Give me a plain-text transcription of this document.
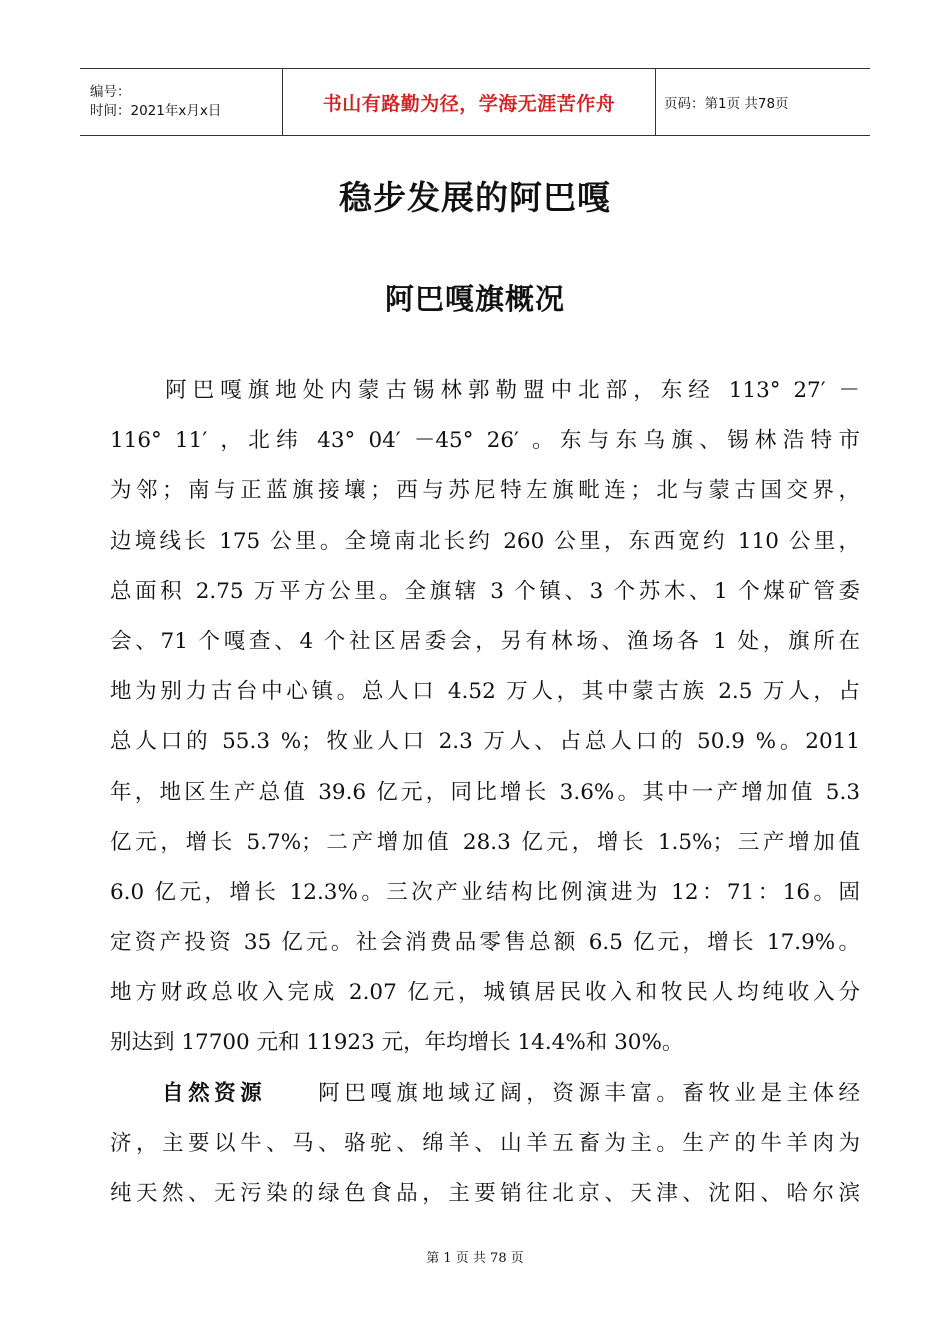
编号：
时间：2021年x月x日	书山有路勤为径，学海无涯苦作舟	页码：第1页 共78页
稳步发展的阿巴嘎
阿巴嘎旗概况
　　阿巴嘎旗地处内蒙古锡林郭勒盟中北部，东经 113° 27′ －
116° 11′ ，北纬 43° 04′ －45° 26′ 。东与东乌旗、锡林浩特市
为邻；南与正蓝旗接壤；西与苏尼特左旗毗连；北与蒙古国交界，
边境线长 175 公里。全境南北长约 260 公里，东西宽约 110 公里，
总面积 2.75 万平方公里。全旗辖 3 个镇、3 个苏木、1 个煤矿管委
会、71 个嘎查、4 个社区居委会，另有林场、渔场各 1 处，旗所在
地为别力古台中心镇。总人口 4.52 万人，其中蒙古族 2.5 万人，占
总人口的 55.3 %；牧业人口 2.3 万人、占总人口的 50.9 %。2011
年，地区生产总值 39.6 亿元，同比增长 3.6%。其中一产增加值 5.3
亿元，增长 5.7%；二产增加值 28.3 亿元，增长 1.5%；三产增加值
6.0 亿元，增长 12.3%。三次产业结构比例演进为 12：71：16。固
定资产投资 35 亿元。社会消费品零售总额 6.5 亿元，增长 17.9%。
地方财政总收入完成 2.07 亿元，城镇居民收入和牧民人均纯收入分
别达到 17700 元和 11923 元，年均增长 14.4%和 30%。
　　自然资源　　 阿巴嘎旗地域辽阔，资源丰富。畜牧业是主体经
济，主要以牛、马、骆驼、绵羊、山羊五畜为主。生产的牛羊肉为
纯天然、无污染的绿色食品，主要销往北京、天津、沈阳、哈尔滨
第 1 页 共 78 页
